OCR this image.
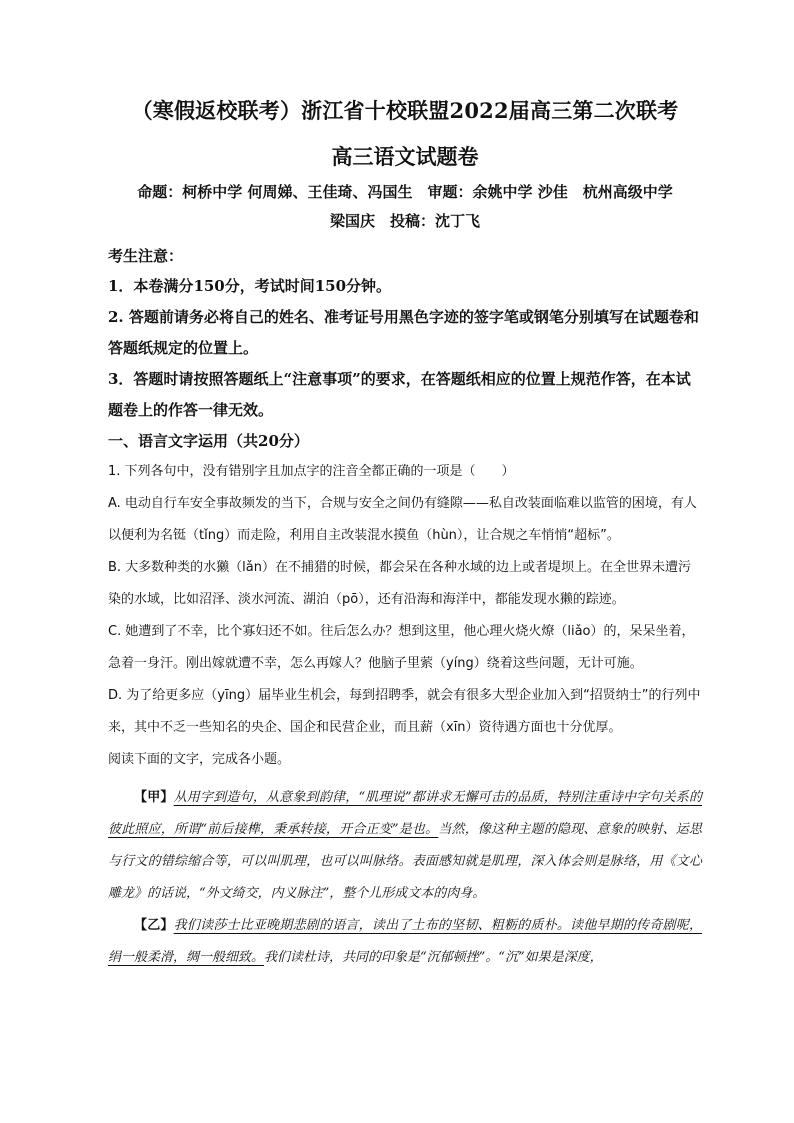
（寒假返校联考）浙江省十校联盟2022届高三第二次联考
高三语文试题卷
命题：柯桥中学 何周娣、王佳琦、冯国生　审题：余姚中学 沙佳　杭州高级中学
梁国庆　投稿：沈丁飞
考生注意：

1．本卷满分150分，考试时间150分钟。

2. 答题前请务必将自己的姓名、准考证号用黑色字迹的签字笔或钢笔分别填写在试题卷和答题纸规定的位置上。

3．答题时请按照答题纸上“注意事项”的要求，在答题纸相应的位置上规范作答，在本试题卷上的作答一律无效。

一、语言文字运用（共20分）

1. 下列各句中，没有错别字且加点字的注音全都正确的一项是（　　）

A. 电动自行车安全事故频发的当下，合规与安全之间仍有缝隙——私自改装面临难以监管的困境，有人以便利为名铤（tǐng）而走险，利用自主改装混水摸鱼（hùn），让合规之车悄悄“超标”。

B. 大多数种类的水獭（lǎn）在不捕猎的时候，都会呆在各种水域的边上或者堤坝上。在全世界未遭污染的水域，比如沼泽、淡水河流、湖泊（pō），还有沿海和海洋中，都能发现水獭的踪迹。

C. 她遭到了不幸，比个寡妇还不如。往后怎么办？想到这里，他心理火烧火燎（liǎo）的，呆呆坐着，急着一身汗。刚出嫁就遭不幸，怎么再嫁人？他脑子里萦（yíng）绕着这些问题，无计可施。

D. 为了给更多应（yīng）届毕业生机会，每到招聘季，就会有很多大型企业加入到“招贤纳士”的行列中来，其中不乏一些知名的央企、国企和民营企业，而且薪（xīn）资待遇方面也十分优厚。

阅读下面的文字，完成各小题。

【甲】从用字到造句，从意象到韵律，“肌理说”都讲求无懈可击的品质，特别注重诗中字句关系的彼此照应，所谓“前后接榫，秉承转接，开合正变”是也。当然，像这种主题的隐现、意象的映射、运思与行文的错综缩合等，可以叫肌理，也可以叫脉络。表面感知就是肌理，深入体会则是脉络，用《文心雕龙》的话说，“外文绮交，内义脉注”，整个儿形成文本的肉身。

【乙】我们读莎士比亚晚期悲剧的语言，读出了土布的坚韧、粗粝的质朴。读他早期的传奇剧呢，绢一般柔滑，绸一般细致。我们读杜诗，共同的印象是“沉郁顿挫”。“沉”如果是深度，
